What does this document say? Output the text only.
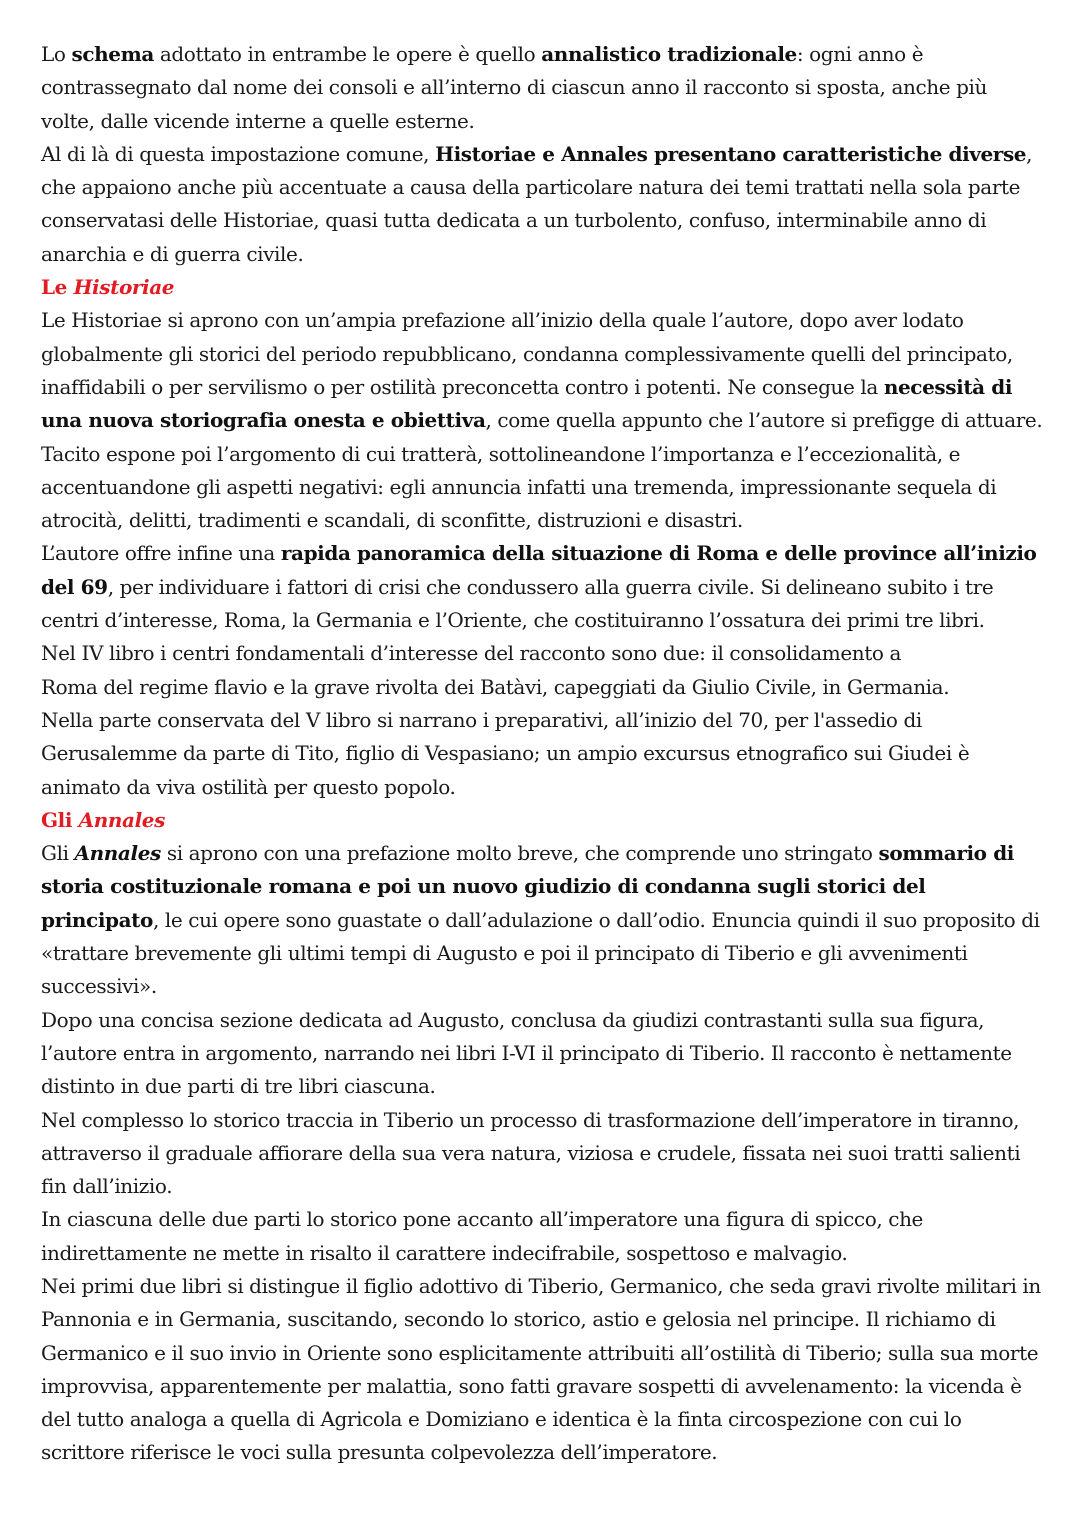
Lo schema adottato in entrambe le opere è quello annalistico tradizionale: ogni anno è contrassegnato dal nome dei consoli e all’interno di ciascun anno il racconto si sposta, anche più volte, dalle vicende interne a quelle esterne.

Al di là di questa impostazione comune, Historiae e Annales presentano caratteristiche diverse, che appaiono anche più accentuate a causa della particolare natura dei temi trattati nella sola parte conservatasi delle Historiae, quasi tutta dedicata a un turbolento, confuso, interminabile anno di anarchia e di guerra civile.

Le Historiae

Le Historiae si aprono con un’ampia prefazione all’inizio della quale l’autore, dopo aver lodato globalmente gli storici del periodo repubblicano, condanna complessivamente quelli del principato, inaffidabili o per servilismo o per ostilità preconcetta contro i potenti. Ne consegue la necessità di una nuova storiografia onesta e obiettiva, come quella appunto che l’autore si prefigge di attuare.

Tacito espone poi l’argomento di cui tratterà, sottolineandone l’importanza e l’eccezionalità, e accentuandone gli aspetti negativi: egli annuncia infatti una tremenda, impressionante sequela di atrocità, delitti, tradimenti e scandali, di sconfitte, distruzioni e disastri.

L’autore offre infine una rapida panoramica della situazione di Roma e delle province all’inizio del 69, per individuare i fattori di crisi che condussero alla guerra civile. Si delineano subito i tre centri d’interesse, Roma, la Germania e l’Oriente, che costituiranno l’ossatura dei primi tre libri.

Nel IV libro i centri fondamentali d’interesse del racconto sono due: il consolidamento a

Roma del regime flavio e la grave rivolta dei Batàvi, capeggiati da Giulio Civile, in Germania.

Nella parte conservata del V libro si narrano i preparativi, all’inizio del 70, per l'assedio di Gerusalemme da parte di Tito, figlio di Vespasiano; un ampio excursus etnografico sui Giudei è animato da viva ostilità per questo popolo.

Gli Annales

Gli Annales si aprono con una prefazione molto breve, che comprende uno stringato sommario di storia costituzionale romana e poi un nuovo giudizio di condanna sugli storici del principato, le cui opere sono guastate o dall’adulazione o dall’odio. Enuncia quindi il suo proposito di «trattare brevemente gli ultimi tempi di Augusto e poi il principato di Tiberio e gli avvenimenti successivi».

Dopo una concisa sezione dedicata ad Augusto, conclusa da giudizi contrastanti sulla sua figura, l’autore entra in argomento, narrando nei libri I-VI il principato di Tiberio. Il racconto è nettamente distinto in due parti di tre libri ciascuna.

Nel complesso lo storico traccia in Tiberio un processo di trasformazione dell’imperatore in tiranno, attraverso il graduale affiorare della sua vera natura, viziosa e crudele, fissata nei suoi tratti salienti fin dall’inizio.

In ciascuna delle due parti lo storico pone accanto all’imperatore una figura di spicco, che indirettamente ne mette in risalto il carattere indecifrabile, sospettoso e malvagio.

Nei primi due libri si distingue il figlio adottivo di Tiberio, Germanico, che seda gravi rivolte militari in Pannonia e in Germania, suscitando, secondo lo storico, astio e gelosia nel principe. Il richiamo di Germanico e il suo invio in Oriente sono esplicitamente attribuiti all’ostilità di Tiberio; sulla sua morte improvvisa, apparentemente per malattia, sono fatti gravare sospetti di avvelenamento: la vicenda è del tutto analoga a quella di Agricola e Domiziano e identica è la finta circospezione con cui lo scrittore riferisce le voci sulla presunta colpevolezza dell’imperatore.
